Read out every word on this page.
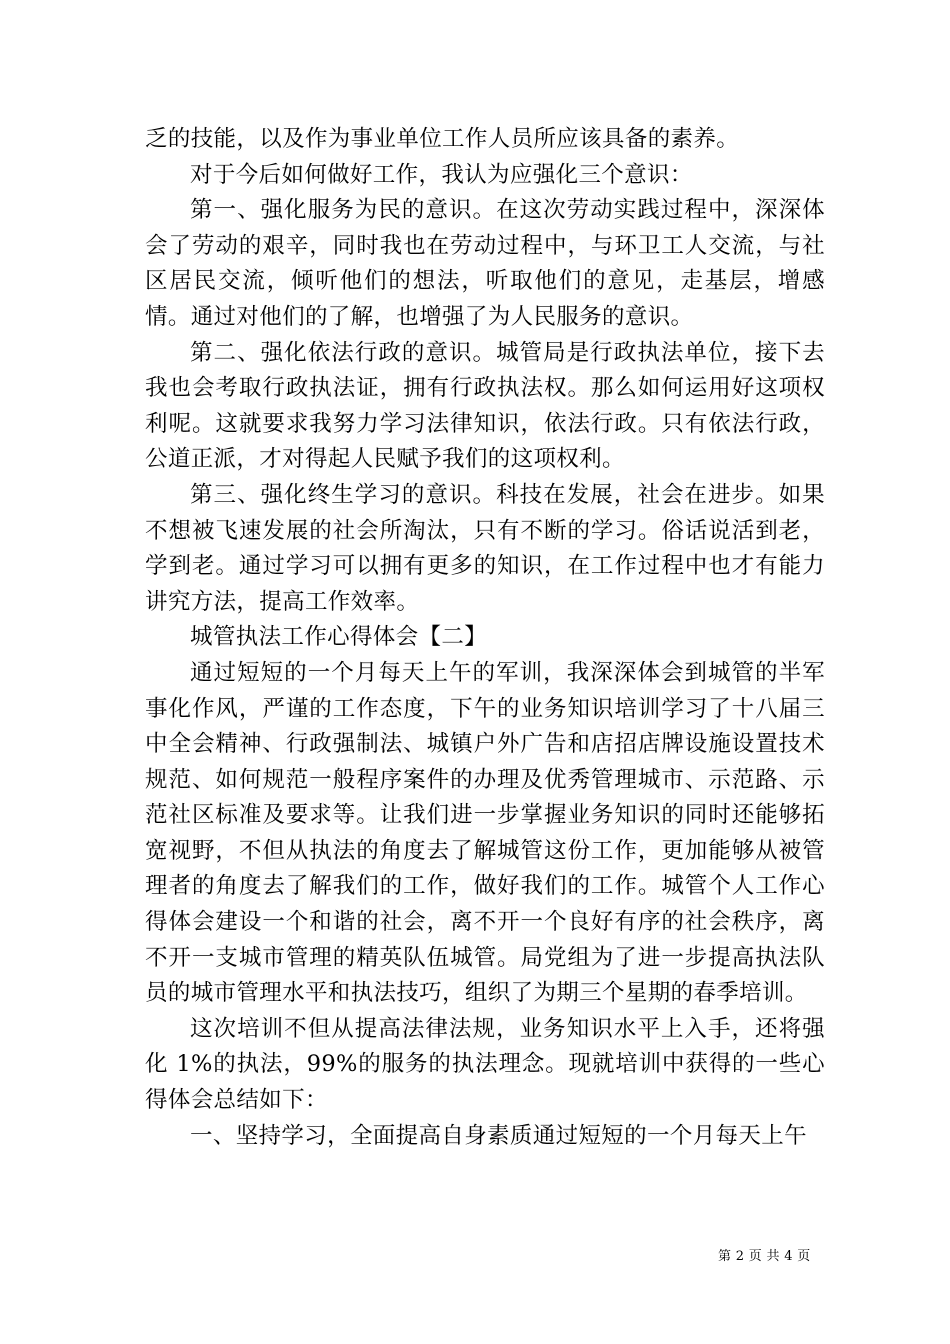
乏的技能，以及作为事业单位工作人员所应该具备的素养。

对于今后如何做好工作，我认为应强化三个意识：

第一、强化服务为民的意识。在这次劳动实践过程中，深深体会了劳动的艰辛，同时我也在劳动过程中，与环卫工人交流，与社区居民交流，倾听他们的想法，听取他们的意见，走基层，增感情。通过对他们的了解，也增强了为人民服务的意识。

第二、强化依法行政的意识。城管局是行政执法单位，接下去我也会考取行政执法证，拥有行政执法权。那么如何运用好这项权利呢。这就要求我努力学习法律知识，依法行政。只有依法行政，公道正派，才对得起人民赋予我们的这项权利。

第三、强化终生学习的意识。科技在发展，社会在进步。如果不想被飞速发展的社会所淘汰，只有不断的学习。俗话说活到老，学到老。通过学习可以拥有更多的知识，在工作过程中也才有能力讲究方法，提高工作效率。

城管执法工作心得体会【二】

通过短短的一个月每天上午的军训，我深深体会到城管的半军事化作风，严谨的工作态度，下午的业务知识培训学习了十八届三中全会精神、行政强制法、城镇户外广告和店招店牌设施设置技术规范、如何规范一般程序案件的办理及优秀管理城市、示范路、示范社区标准及要求等。让我们进一步掌握业务知识的同时还能够拓宽视野，不但从执法的角度去了解城管这份工作，更加能够从被管理者的角度去了解我们的工作，做好我们的工作。城管个人工作心得体会建设一个和谐的社会，离不开一个良好有序的社会秩序，离不开一支城市管理的精英队伍城管。局党组为了进一步提高执法队员的城市管理水平和执法技巧，组织了为期三个星期的春季培训。

这次培训不但从提高法律法规，业务知识水平上入手，还将强化 1%的执法，99%的服务的执法理念。现就培训中获得的一些心得体会总结如下：

一、坚持学习，全面提高自身素质通过短短的一个月每天上午

第 2 页 共 4 页
